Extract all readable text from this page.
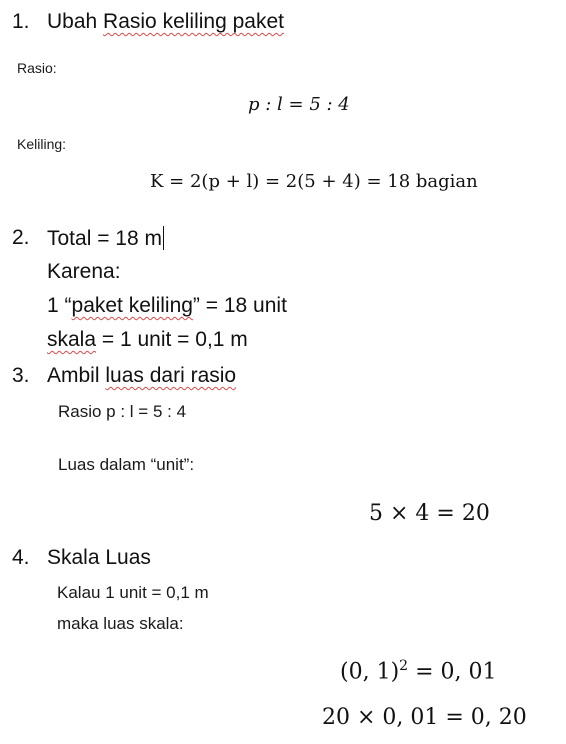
1. Ubah Rasio keliling paket
Rasio:
p : l = 5 : 4
Keliling:
K = 2(p + l) = 2(5 + 4) = 18 bagian
2. Total = 18 m
Karena:
1 “paket keliling” = 18 unit
skala = 1 unit = 0,1 m
3. Ambil luas dari rasio
Rasio p : l = 5 : 4
Luas dalam “unit”:
5 × 4 = 20
4. Skala Luas
Kalau 1 unit = 0,1 m
maka luas skala:
(0, 1)$^2$ = 0, 01
20 × 0, 01 = 0, 20
